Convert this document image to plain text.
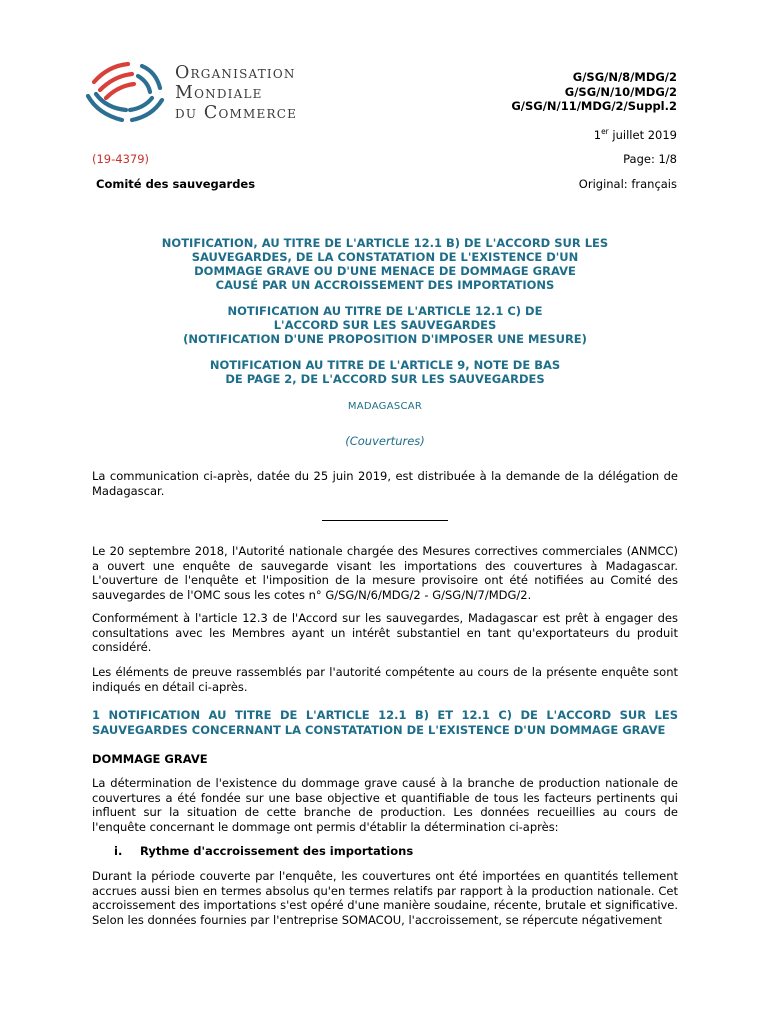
Organisation
Mondiale
du Commerce
G/SG/N/8/MDG/2
G/SG/N/10/MDG/2
G/SG/N/11/MDG/2/Suppl.2
1er juillet 2019
(19-4379)	Page: 1/8
Comité des sauvegardes	Original: français
NOTIFICATION, AU TITRE DE L'ARTICLE 12.1 B) DE L'ACCORD SUR LES
SAUVEGARDES, DE LA CONSTATATION DE L'EXISTENCE D'UN
DOMMAGE GRAVE OU D'UNE MENACE DE DOMMAGE GRAVE
CAUSÉ PAR UN ACCROISSEMENT DES IMPORTATIONS
NOTIFICATION AU TITRE DE L'ARTICLE 12.1 C) DE
L'ACCORD SUR LES SAUVEGARDES
(NOTIFICATION D'UNE PROPOSITION D'IMPOSER UNE MESURE)
NOTIFICATION AU TITRE DE L'ARTICLE 9, NOTE DE BAS
DE PAGE 2, DE L'ACCORD SUR LES SAUVEGARDES
MADAGASCAR
(Couvertures)
La communication ci-après, datée du 25 juin 2019, est distribuée à la demande de la délégation de Madagascar.
Le 20 septembre 2018, l'Autorité nationale chargée des Mesures correctives commerciales (ANMCC) a ouvert une enquête de sauvegarde visant les importations des couvertures à Madagascar. L'ouverture de l'enquête et l'imposition de la mesure provisoire ont été notifiées au Comité des sauvegardes de l'OMC sous les cotes n° G/SG/N/6/MDG/2 - G/SG/N/7/MDG/2.
Conformément à l'article 12.3 de l'Accord sur les sauvegardes, Madagascar est prêt à engager des consultations avec les Membres ayant un intérêt substantiel en tant qu'exportateurs du produit considéré.
Les éléments de preuve rassemblés par l'autorité compétente au cours de la présente enquête sont indiqués en détail ci-après.
1 NOTIFICATION AU TITRE DE L'ARTICLE 12.1 B) ET 12.1 C) DE L'ACCORD SUR LES SAUVEGARDES CONCERNANT LA CONSTATATION DE L'EXISTENCE D'UN DOMMAGE GRAVE
DOMMAGE GRAVE
La détermination de l'existence du dommage grave causé à la branche de production nationale de couvertures a été fondée sur une base objective et quantifiable de tous les facteurs pertinents qui influent sur la situation de cette branche de production. Les données recueillies au cours de l'enquête concernant le dommage ont permis d'établir la détermination ci-après:
i. Rythme d'accroissement des importations
Durant la période couverte par l'enquête, les couvertures ont été importées en quantités tellement accrues aussi bien en termes absolus qu'en termes relatifs par rapport à la production nationale. Cet accroissement des importations s'est opéré d'une manière soudaine, récente, brutale et significative. Selon les données fournies par l'entreprise SOMACOU, l'accroissement, se répercute négativement
